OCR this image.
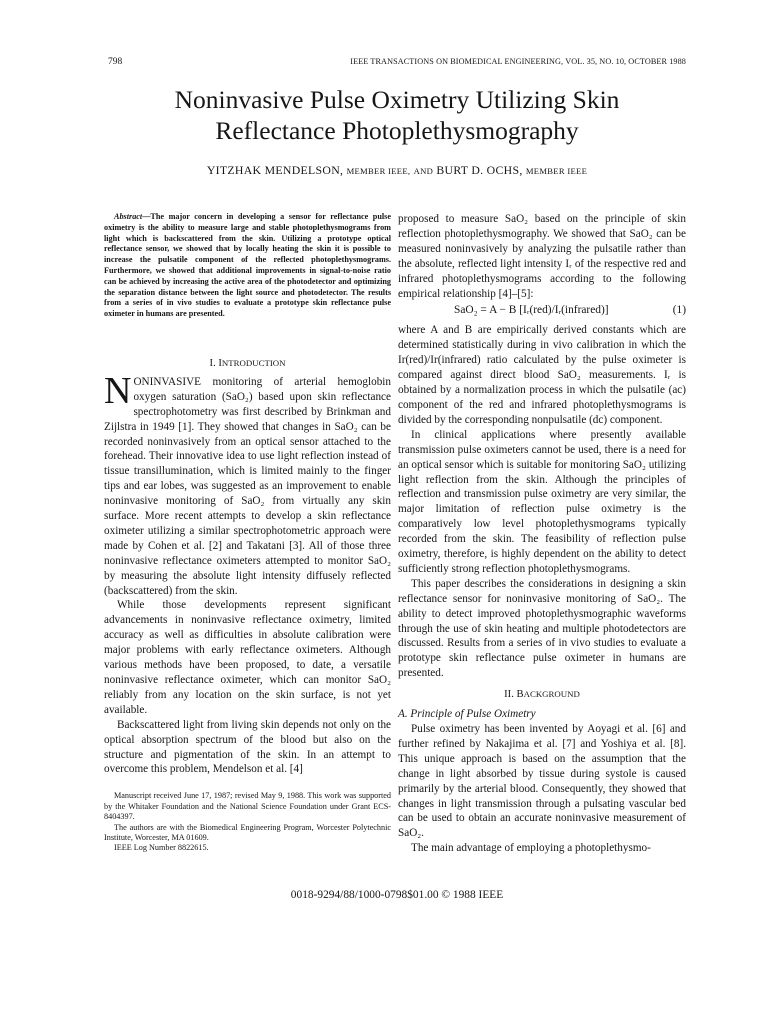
798	IEEE TRANSACTIONS ON BIOMEDICAL ENGINEERING, VOL. 35, NO. 10, OCTOBER 1988
Noninvasive Pulse Oximetry Utilizing Skin
Reflectance Photoplethysmography
YITZHAK MENDELSON, MEMBER IEEE, AND BURT D. OCHS, MEMBER IEEE

Abstract—The major concern in developing a sensor for reflectance pulse oximetry is the ability to measure large and stable photoplethysmograms from light which is backscattered from the skin. Utilizing a prototype optical reflectance sensor, we showed that by locally heating the skin it is possible to increase the pulsatile component of the reflected photoplethysmograms. Furthermore, we showed that additional improvements in signal-to-noise ratio can be achieved by increasing the active area of the photodetector and optimizing the separation distance between the light source and photodetector. The results from a series of in vivo studies to evaluate a prototype skin reflectance pulse oximeter in humans are presented.

I. INTRODUCTION

NONINVASIVE monitoring of arterial hemoglobin oxygen saturation (SaO₂) based upon skin reflectance spectrophotometry was first described by Brinkman and Zijlstra in 1949 [1]. They showed that changes in SaO₂ can be recorded noninvasively from an optical sensor attached to the forehead. Their innovative idea to use light reflection instead of tissue transillumination, which is limited mainly to the finger tips and ear lobes, was suggested as an improvement to enable noninvasive monitoring of SaO₂ from virtually any skin surface. More recent attempts to develop a skin reflectance oximeter utilizing a similar spectrophotometric approach were made by Cohen et al. [2] and Takatani [3]. All of those three noninvasive reflectance oximeters attempted to monitor SaO₂ by measuring the absolute light intensity diffusely reflected (backscattered) from the skin.

While those developments represent significant advancements in noninvasive reflectance oximetry, limited accuracy as well as difficulties in absolute calibration were major problems with early reflectance oximeters. Although various methods have been proposed, to date, a versatile noninvasive reflectance oximeter, which can monitor SaO₂ reliably from any location on the skin surface, is not yet available.

Backscattered light from living skin depends not only on the optical absorption spectrum of the blood but also on the structure and pigmentation of the skin. In an attempt to overcome this problem, Mendelson et al. [4]

Manuscript received June 17, 1987; revised May 9, 1988. This work was supported by the Whitaker Foundation and the National Science Foundation under Grant ECS-8404397.

The authors are with the Biomedical Engineering Program, Worcester Polytechnic Institute, Worcester, MA 01609.

IEEE Log Number 8822615.

proposed to measure SaO₂ based on the principle of skin reflection photoplethysmography. We showed that SaO₂ can be measured noninvasively by analyzing the pulsatile rather than the absolute, reflected light intensity Iᵣ of the respective red and infrared photoplethysmograms according to the following empirical relationship [4]–[5]:

SaO₂ = A − B [Iᵣ(red)/Iᵣ(infrared)]	(1)

where A and B are empirically derived constants which are determined statistically during in vivo calibration in which the Ir(red)/Ir(infrared) ratio calculated by the pulse oximeter is compared against direct blood SaO₂ measurements. Iᵣ is obtained by a normalization process in which the pulsatile (ac) component of the red and infrared photoplethysmograms is divided by the corresponding nonpulsatile (dc) component.

In clinical applications where presently available transmission pulse oximeters cannot be used, there is a need for an optical sensor which is suitable for monitoring SaO₂ utilizing light reflection from the skin. Although the principles of reflection and transmission pulse oximetry are very similar, the major limitation of reflection pulse oximetry is the comparatively low level photoplethysmograms typically recorded from the skin. The feasibility of reflection pulse oximetry, therefore, is highly dependent on the ability to detect sufficiently strong reflection photoplethysmograms.

This paper describes the considerations in designing a skin reflectance sensor for noninvasive monitoring of SaO₂. The ability to detect improved photoplethysmographic waveforms through the use of skin heating and multiple photodetectors are discussed. Results from a series of in vivo studies to evaluate a prototype skin reflectance pulse oximeter in humans are presented.

II. BACKGROUND

A. Principle of Pulse Oximetry

Pulse oximetry has been invented by Aoyagi et al. [6] and further refined by Nakajima et al. [7] and Yoshiya et al. [8]. This unique approach is based on the assumption that the change in light absorbed by tissue during systole is caused primarily by the arterial blood. Consequently, they showed that changes in light transmission through a pulsating vascular bed can be used to obtain an accurate noninvasive measurement of SaO₂.

The main advantage of employing a photoplethysmo-

0018-9294/88/1000-0798$01.00 © 1988 IEEE
